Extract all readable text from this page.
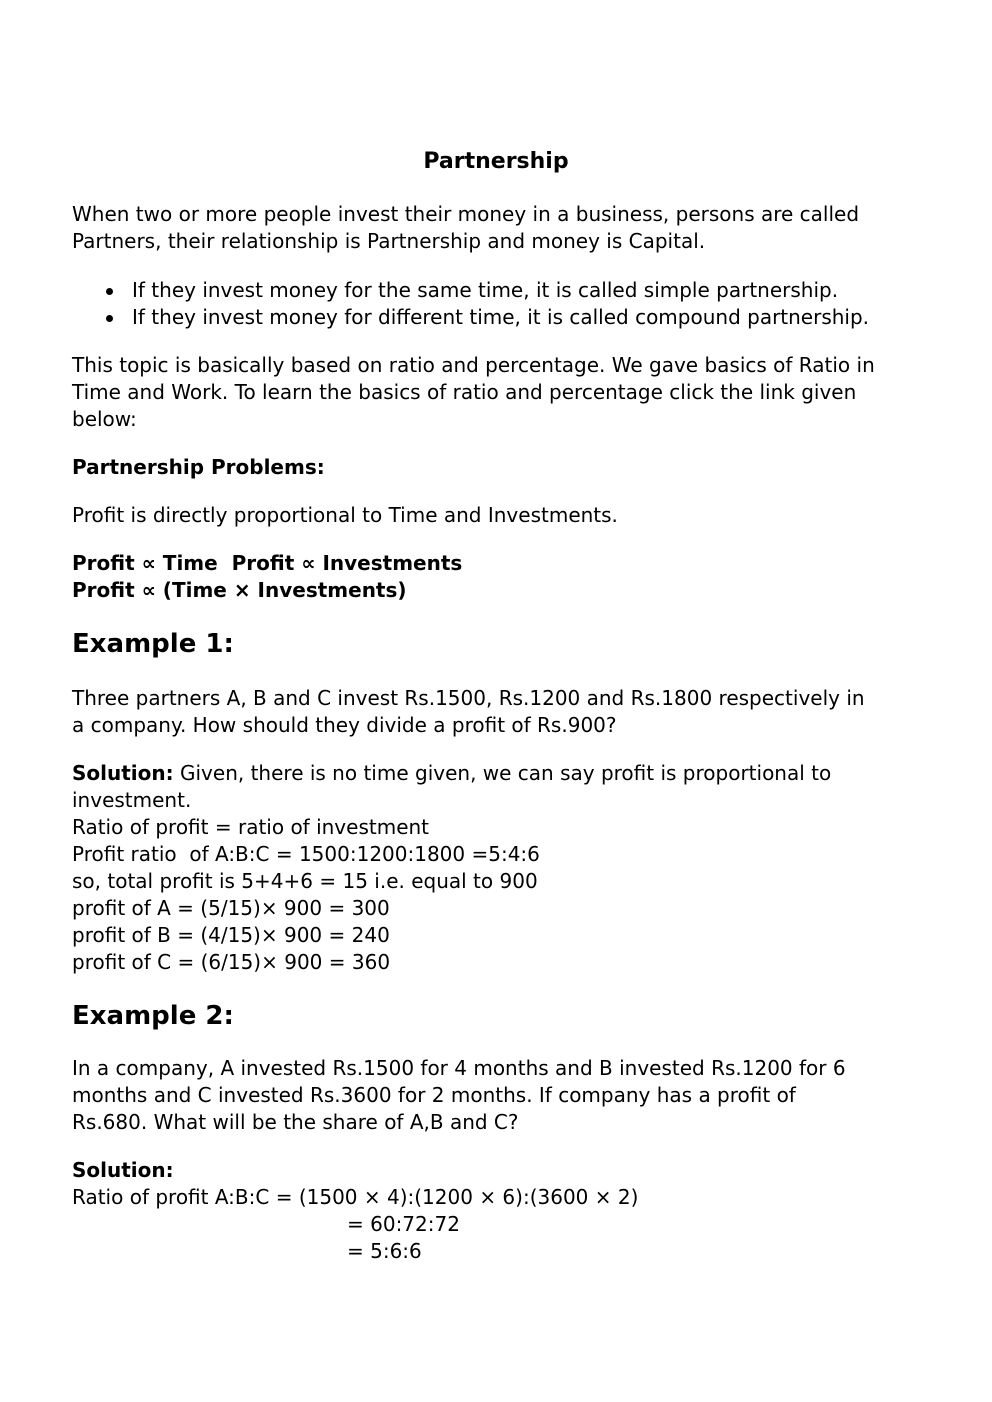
Partnership

When two or more people invest their money in a business, persons are called
Partners, their relationship is Partnership and money is Capital.

If they invest money for the same time, it is called simple partnership.
If they invest money for different time, it is called compound partnership.

This topic is basically based on ratio and percentage. We gave basics of Ratio in
Time and Work. To learn the basics of ratio and percentage click the link given
below:

Partnership Problems:

Profit is directly proportional to Time and Investments.

Profit ∝ Time  Profit ∝ Investments
Profit ∝ (Time × Investments)

Example 1:

Three partners A, B and C invest Rs.1500, Rs.1200 and Rs.1800 respectively in
a company. How should they divide a profit of Rs.900?

Solution: Given, there is no time given, we can say profit is proportional to
investment.
Ratio of profit = ratio of investment
Profit ratio  of A:B:C = 1500:1200:1800 =5:4:6
so, total profit is 5+4+6 = 15 i.e. equal to 900
profit of A = (5/15)× 900 = 300
profit of B = (4/15)× 900 = 240
profit of C = (6/15)× 900 = 360
Example 2:

In a company, A invested Rs.1500 for 4 months and B invested Rs.1200 for 6
months and C invested Rs.3600 for 2 months. If company has a profit of
Rs.680. What will be the share of A,B and C?

Solution:
Ratio of profit A:B:C = (1500 × 4):(1200 × 6):(3600 × 2)
= 60:72:72
= 5:6:6
